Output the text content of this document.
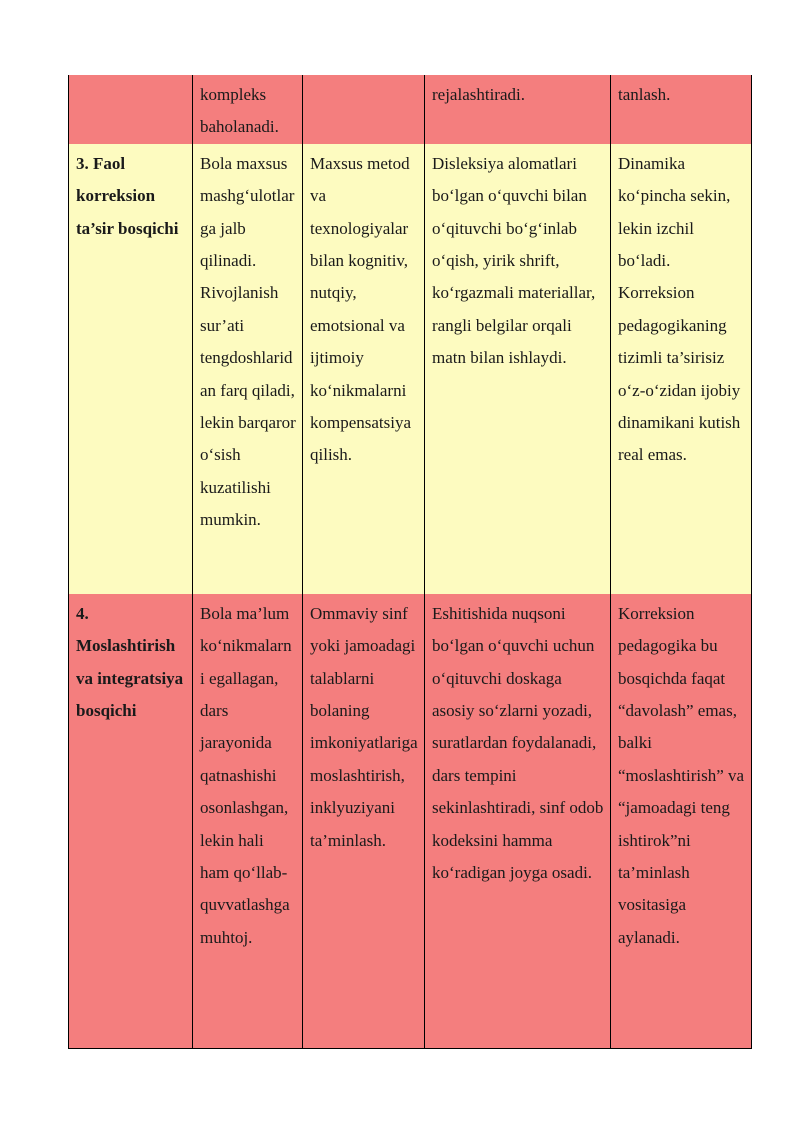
	kompleks baholanadi.		rejalashtiradi.	tanlash.
3. Faol korreksion ta’sir bosqichi	Bola maxsus mashg‘ulotlarga jalb qilinadi. Rivojlanish sur’ati tengdoshlaridan farq qiladi, lekin barqaror o‘sish kuzatilishi mumkin.	Maxsus metod va texnologiyalar bilan kognitiv, nutqiy, emotsional va ijtimoiy ko‘nikmalarni kompensatsiya qilish.	Disleksiya alomatlari bo‘lgan o‘quvchi bilan o‘qituvchi bo‘g‘inlab o‘qish, yirik shrift, ko‘rgazmali materiallar, rangli belgilar orqali matn bilan ishlaydi.	Dinamika ko‘pincha sekin, lekin izchil bo‘ladi. Korreksion pedagogikaning tizimli ta’sirisiz o‘z-o‘zidan ijobiy dinamikani kutish real emas.
4. Moslashtirish va integratsiya bosqichi	Bola ma’lum ko‘nikmalarni egallagan, dars jarayonida qatnashishi osonlashgan, lekin hali ham qo‘llab-quvvatlashga muhtoj.	Ommaviy sinf yoki jamoadagi talablarni bolaning imkoniyatlariga moslashtirish, inklyuziyani ta’minlash.	Eshitishida nuqsoni bo‘lgan o‘quvchi uchun o‘qituvchi doskaga asosiy so‘zlarni yozadi, suratlardan foydalanadi, dars tempini sekinlashtiradi, sinf odob kodeksini hamma ko‘radigan joyga osadi.	Korreksion pedagogika bu bosqichda faqat “davolash” emas, balki “moslashtirish” va “jamoadagi teng ishtirok”ni ta’minlash vositasiga aylanadi.
